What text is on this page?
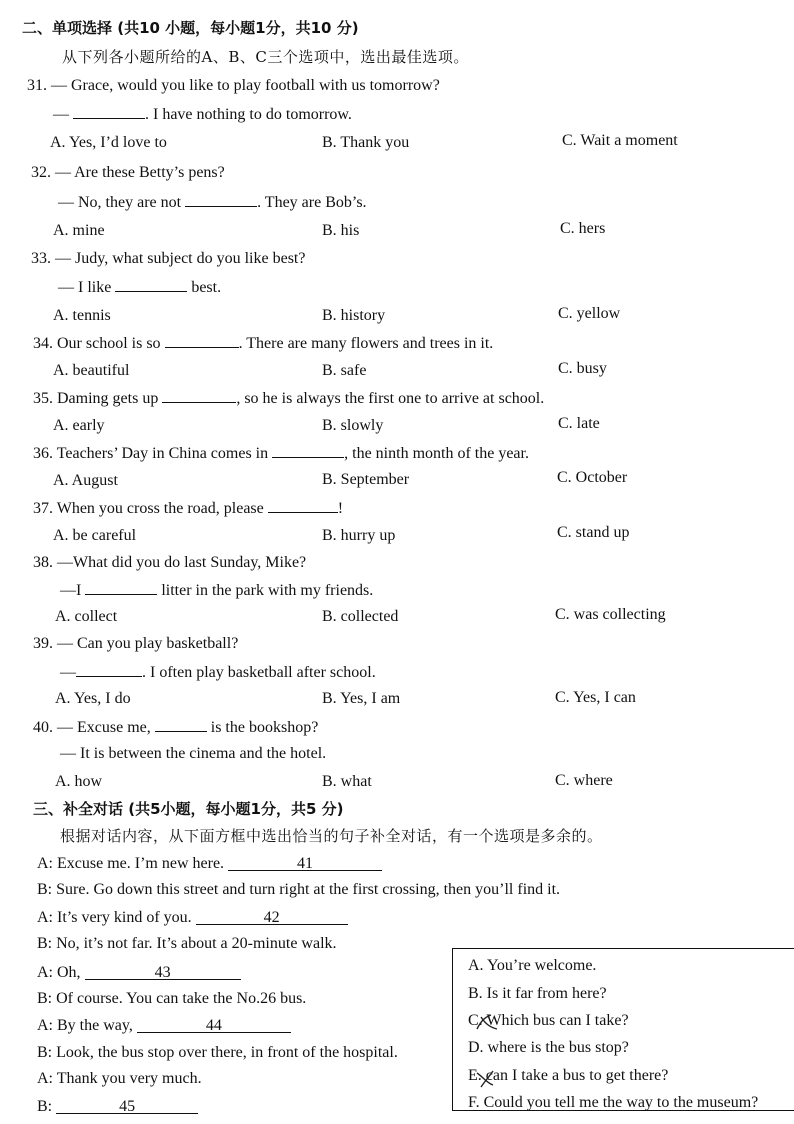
二、单项选择 (共10 小题，每小题1分，共10 分)
从下列各小题所给的A、B、C三个选项中，选出最佳选项。
31. — Grace, would you like to play football with us tomorrow?
—	. I have nothing to do tomorrow.
A. Yes, I’d love to	B. Thank you	C. Wait a moment
32. — Are these Betty’s pens?
— No, they are not	. They are Bob’s.
A. mine	B. his	C. hers
33. — Judy, what subject do you like best?
— I like	best.
A. tennis	B. history	C. yellow
34. Our school is so	. There are many flowers and trees in it.
A. beautiful	B. safe	C. busy
35. Daming gets up	, so he is always the first one to arrive at school.
A. early	B. slowly	C. late
36. Teachers’ Day in China comes in	, the ninth month of the year.
A. August	B. September	C. October
37. When you cross the road, please	!
A. be careful	B. hurry up	C. stand up
38. —What did you do last Sunday, Mike?
—I	litter in the park with my friends.
A. collect	B. collected	C. was collecting
39. — Can you play basketball?
—	. I often play basketball after school.
A. Yes, I do	B. Yes, I am	C. Yes, I can
40. — Excuse me,	is the bookshop?
— It is between the cinema and the hotel.
A. how	B. what	C. where
三、补全对话 (共5小题，每小题1分，共5 分)
根据对话内容，从下面方框中选出恰当的句子补全对话，有一个选项是多余的。
A: Excuse me. I’m new here.	41
B: Sure. Go down this street and turn right at the first crossing, then you’ll find it.
A: It’s very kind of you.	42
B: No, it’s not far. It’s about a 20-minute walk.
A: Oh,	43
B: Of course. You can take the No.26 bus.
A: By the way,	44
B: Look, the bus stop over there, in front of the hospital.
A: Thank you very much.
B:	45
A. You’re welcome.
B. Is it far from here?
C. Which bus can I take?
D. where is the bus stop?
E. can I take a bus to get there?
F. Could you tell me the way to the museum?
